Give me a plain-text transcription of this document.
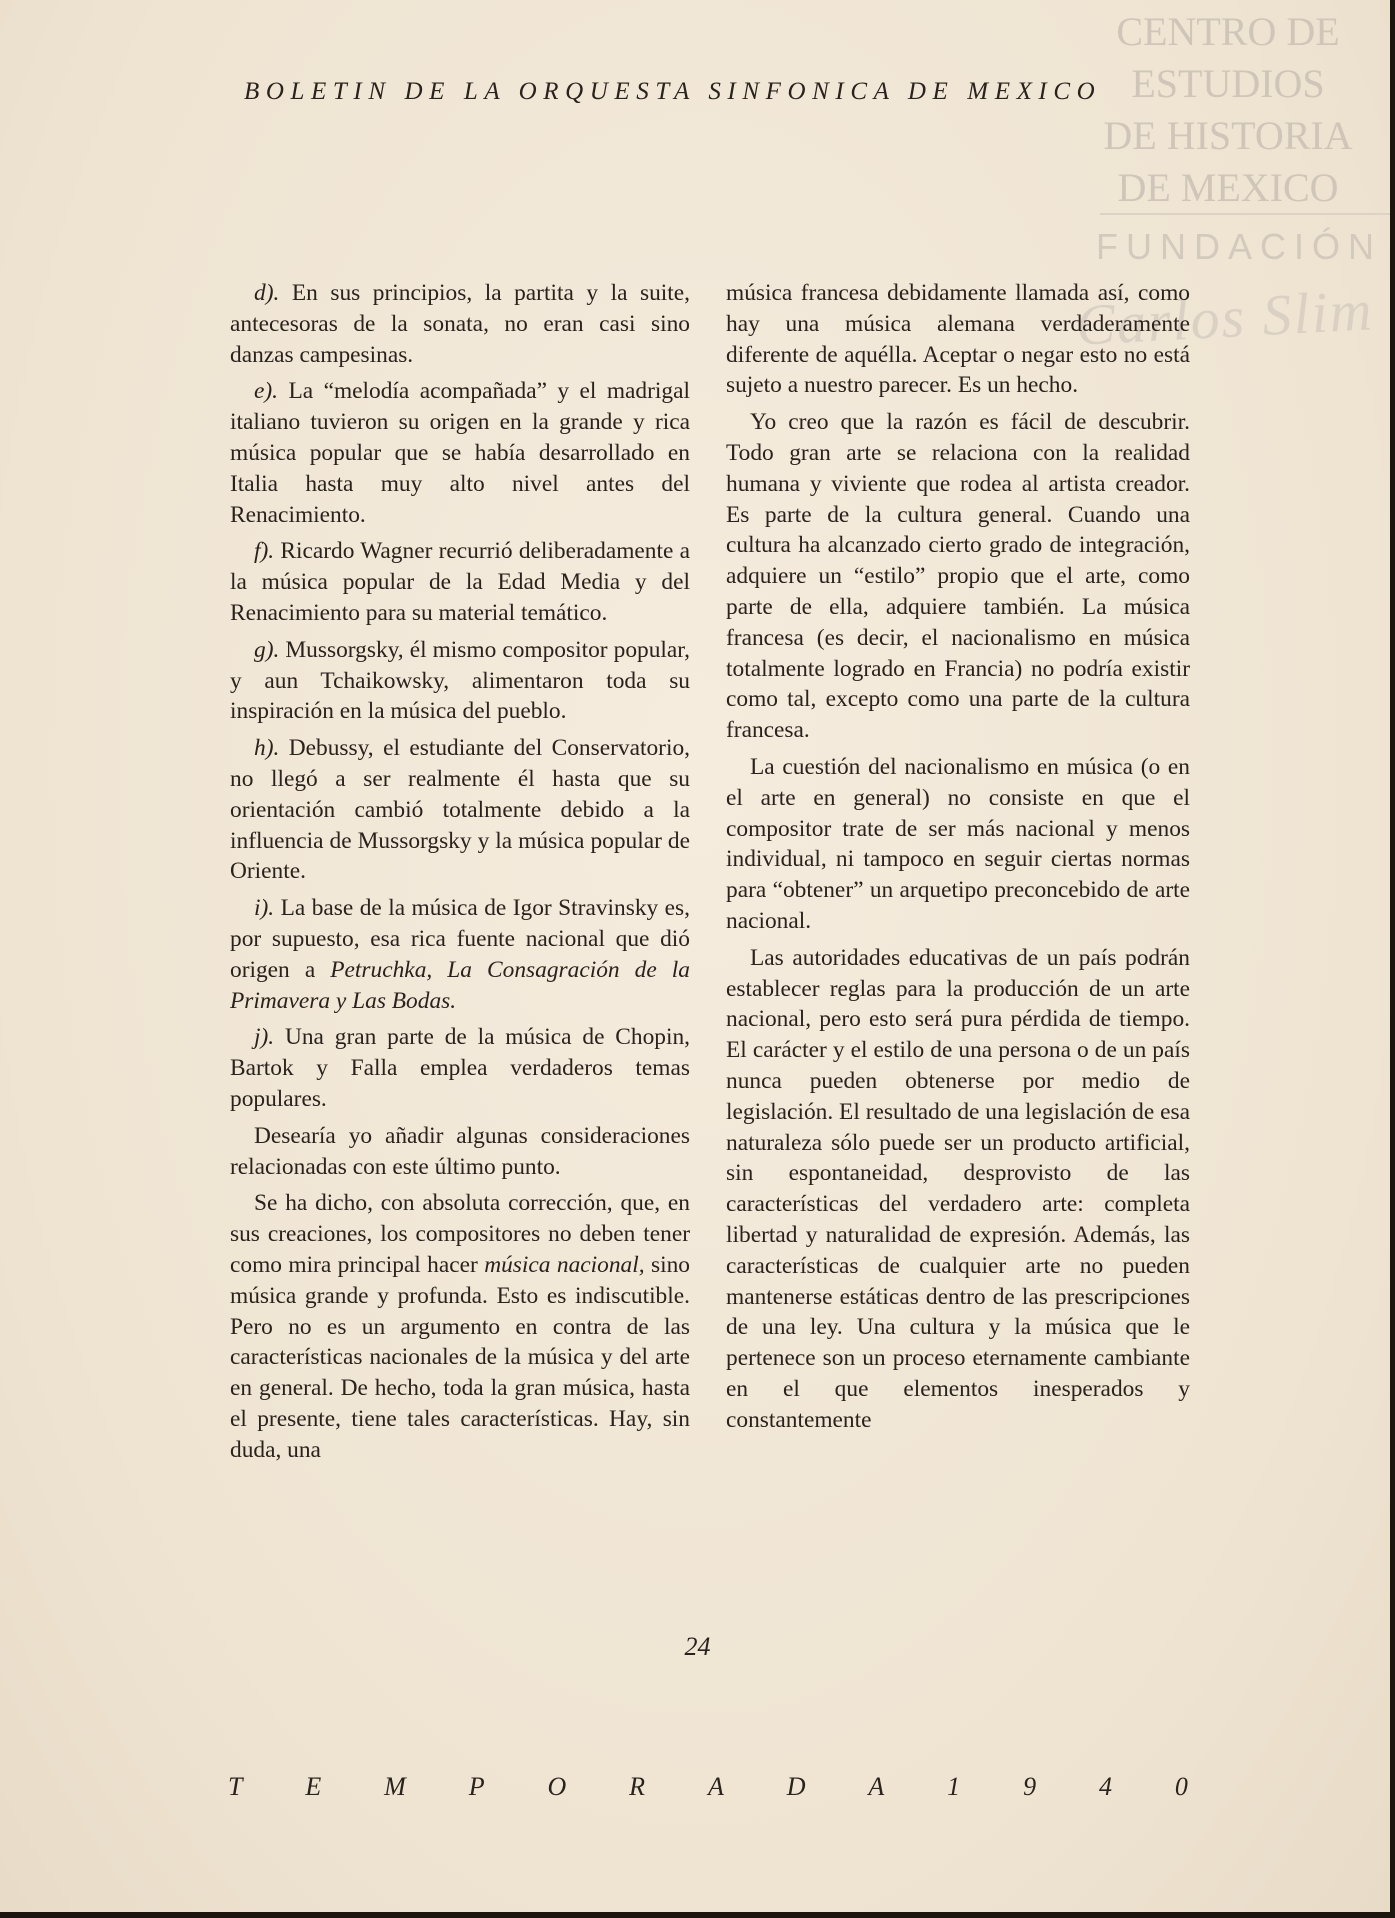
CENTRO DE
ESTUDIOS
DE HISTORIA
DE MEXICO
FUNDACIÓN
Carlos Slim
BOLETIN DE LA ORQUESTA SINFONICA DE MEXICO

d). En sus principios, la partita y la suite, antecesoras de la sonata, no eran casi sino danzas campesinas.

e). La “melodía acompañada” y el madrigal italiano tuvieron su origen en la grande y rica música popular que se había desarrollado en Italia hasta muy alto nivel antes del Renacimiento.

f). Ricardo Wagner recurrió deliberadamente a la música popular de la Edad Media y del Renacimiento para su material temático.

g). Mussorgsky, él mismo compositor popular, y aun Tchaikowsky, alimentaron toda su inspiración en la música del pueblo.

h). Debussy, el estudiante del Conservatorio, no llegó a ser realmente él hasta que su orientación cambió totalmente debido a la influencia de Mussorgsky y la música popular de Oriente.

i). La base de la música de Igor Stravinsky es, por supuesto, esa rica fuente nacional que dió origen a Petruchka, La Consagración de la Primavera y Las Bodas.

j). Una gran parte de la música de Chopin, Bartok y Falla emplea verdaderos temas populares.

Desearía yo añadir algunas consideraciones relacionadas con este último punto.

Se ha dicho, con absoluta corrección, que, en sus creaciones, los compositores no deben tener como mira principal hacer música nacional, sino música grande y profunda. Esto es indiscutible. Pero no es un argumento en contra de las características nacionales de la música y del arte en general. De hecho, toda la gran música, hasta el presente, tiene tales características. Hay, sin duda, una

música francesa debidamente llamada así, como hay una música alemana verdaderamente diferente de aquélla. Aceptar o negar esto no está sujeto a nuestro parecer. Es un hecho.

Yo creo que la razón es fácil de descubrir. Todo gran arte se relaciona con la realidad humana y viviente que rodea al artista creador. Es parte de la cultura general. Cuando una cultura ha alcanzado cierto grado de integración, adquiere un “estilo” propio que el arte, como parte de ella, adquiere también. La música francesa (es decir, el nacionalismo en música totalmente logrado en Francia) no podría existir como tal, excepto como una parte de la cultura francesa.

La cuestión del nacionalismo en música (o en el arte en general) no consiste en que el compositor trate de ser más nacional y menos individual, ni tampoco en seguir ciertas normas para “obtener” un arquetipo preconcebido de arte nacional.

Las autoridades educativas de un país podrán establecer reglas para la producción de un arte nacional, pero esto será pura pérdida de tiempo. El carácter y el estilo de una persona o de un país nunca pueden obtenerse por medio de legislación. El resultado de una legislación de esa naturaleza sólo puede ser un producto artificial, sin espontaneidad, desprovisto de las características del verdadero arte: completa libertad y naturalidad de expresión. Además, las características de cualquier arte no pueden mantenerse estáticas dentro de las prescripciones de una ley. Una cultura y la música que le pertenece son un proceso eternamente cambiante en el que elementos inesperados y constantemente

24
T E M P O R A D A 1 9 4 0
